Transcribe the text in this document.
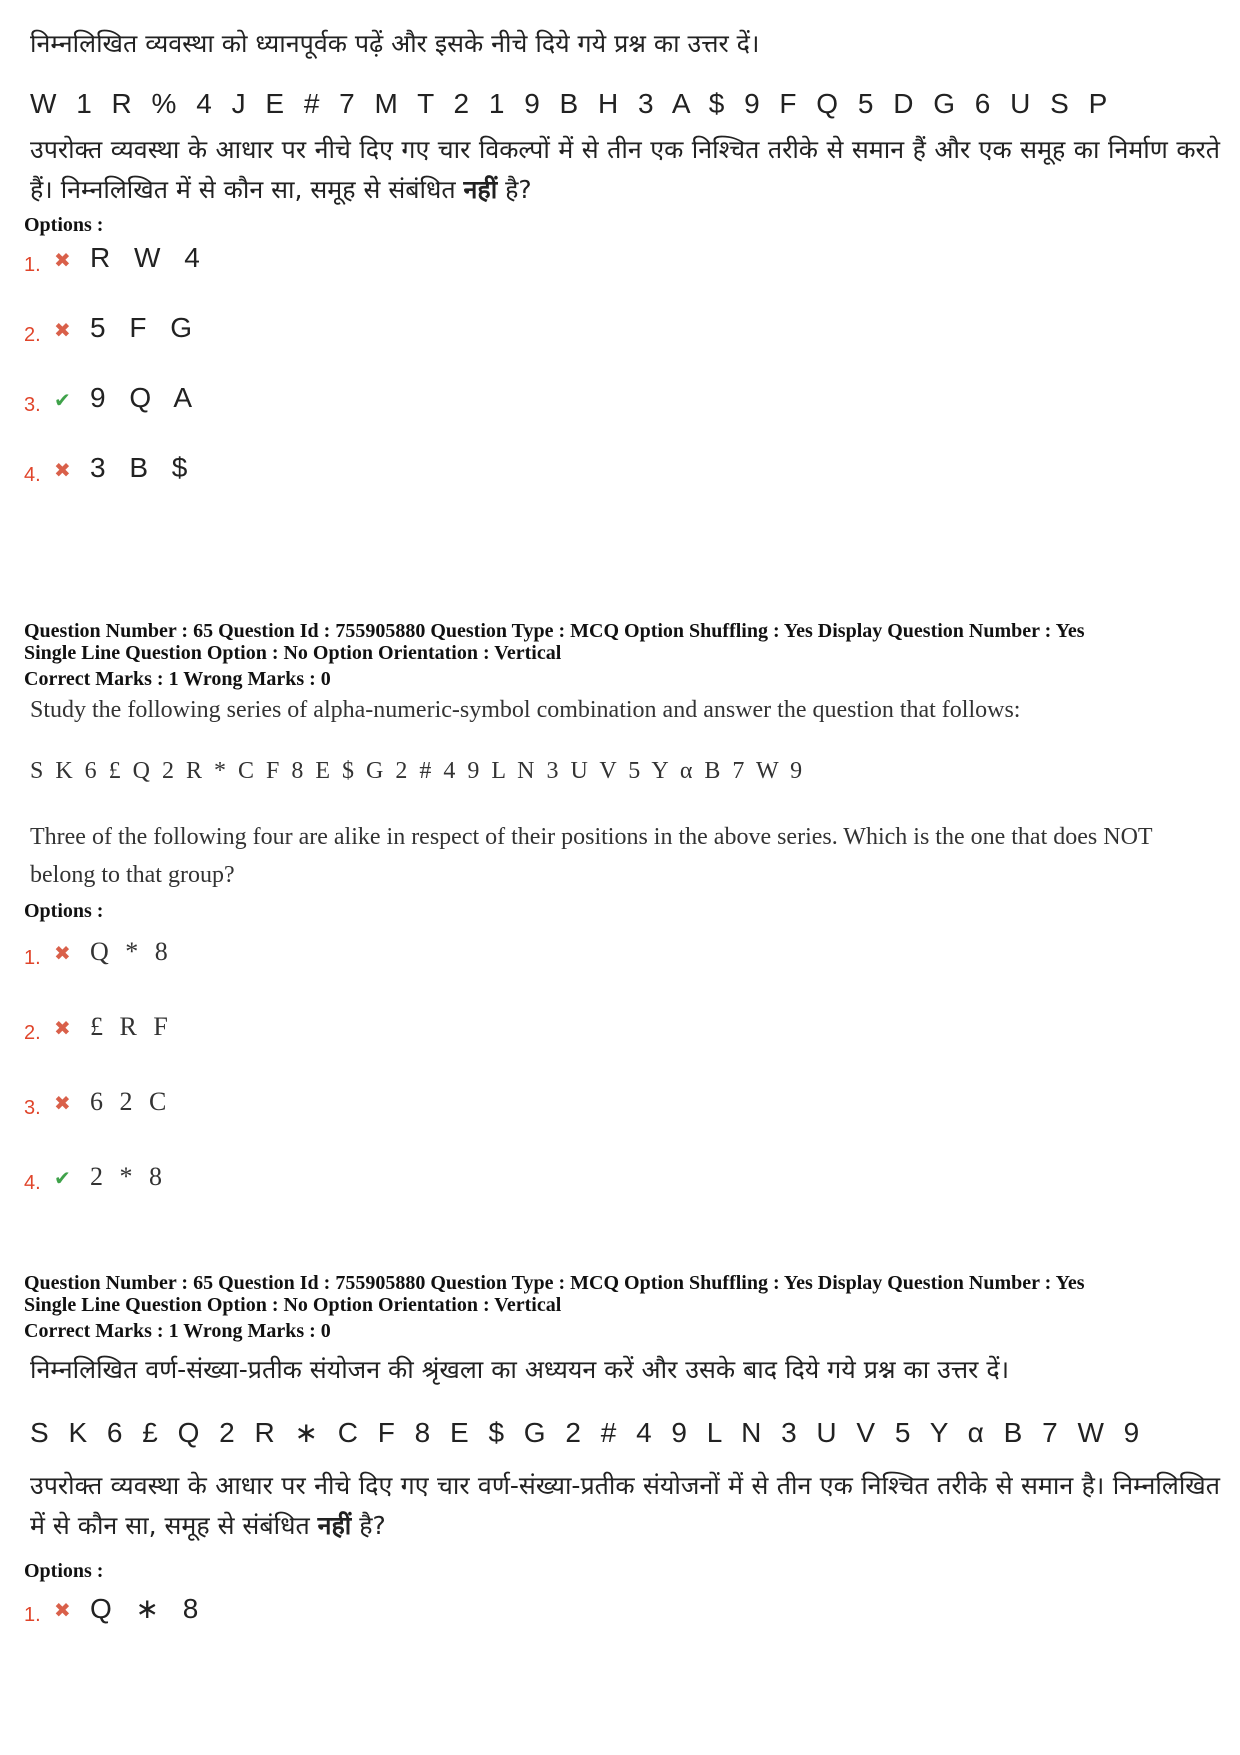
निम्नलिखित व्यवस्था को ध्यानपूर्वक पढ़ें और इसके नीचे दिये गये प्रश्न का उत्तर दें।
W 1 R % 4 J E # 7 M T 2 1 9 B H 3 A $ 9 F Q 5 D G 6 U S P
उपरोक्त व्यवस्था के आधार पर नीचे दिए गए चार विकल्पों में से तीन एक निश्चित तरीके से समान हैं और एक समूह का निर्माण करते हैं। निम्नलिखित में से कौन सा, समूह से संबंधित नहीं है?
Options :
1. ✖ R W 4
2. ✖ 5 F G
3. ✔ 9 Q A
4. ✖ 3 B $
Question Number : 65 Question Id : 755905880 Question Type : MCQ Option Shuffling : Yes Display Question Number : Yes
Single Line Question Option : No Option Orientation : Vertical
Correct Marks : 1 Wrong Marks : 0
Study the following series of alpha-numeric-symbol combination and answer the question that follows:
S K 6 £ Q 2 R * C F 8 E $ G 2 # 4 9 L N 3 U V 5 Y α B 7 W 9
Three of the following four are alike in respect of their positions in the above series. Which is the one that does NOT belong to that group?
Options :
1. ✖ Q * 8
2. ✖ £ R F
3. ✖ 6 2 C
4. ✔ 2 * 8
Question Number : 65 Question Id : 755905880 Question Type : MCQ Option Shuffling : Yes Display Question Number : Yes
Single Line Question Option : No Option Orientation : Vertical
Correct Marks : 1 Wrong Marks : 0
निम्नलिखित वर्ण-संख्या-प्रतीक संयोजन की श्रृंखला का अध्ययन करें और उसके बाद दिये गये प्रश्न का उत्तर दें।
S K 6 £ Q 2 R ∗ C F 8 E $ G 2 # 4 9 L N 3 U V 5 Y α B 7 W 9
उपरोक्त व्यवस्था के आधार पर नीचे दिए गए चार वर्ण-संख्या-प्रतीक संयोजनों में से तीन एक निश्चित तरीके से समान है। निम्नलिखित में से कौन सा, समूह से संबंधित नहीं है?
Options :
1. ✖ Q ∗ 8
